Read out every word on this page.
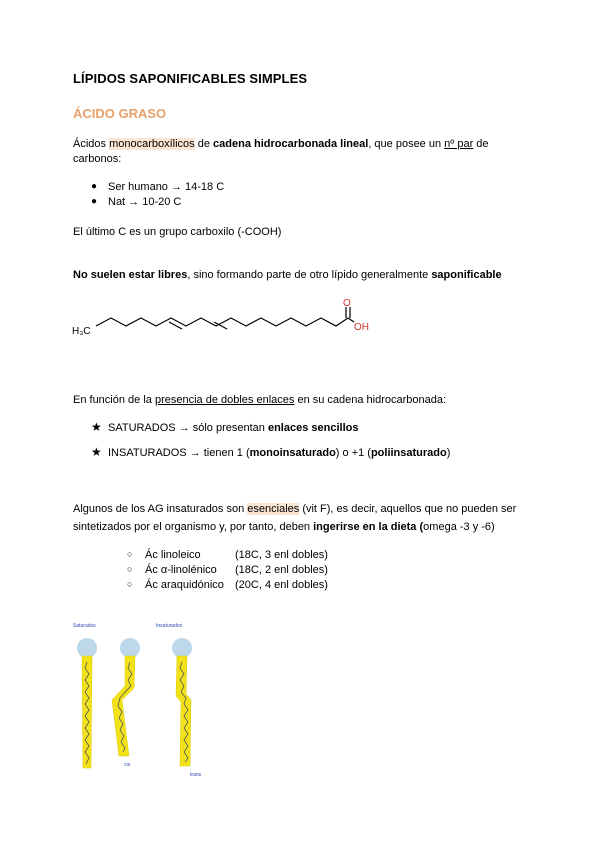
LÍPIDOS SAPONIFICABLES SIMPLES
ÁCIDO GRASO
Ácidos monocarboxílicos de cadena hidrocarbonada lineal, que posee un nº par de
carbonos:
● Ser humano → 14-18 C
● Nat → 10-20 C
El último C es un grupo carboxilo (-COOH)
No suelen estar libres, sino formando parte de otro lípido generalmente saponificable
H₃C
O
OH
En función de la presencia de dobles enlaces en su cadena hidrocarbonada:
★ SATURADOS → sólo presentan enlaces sencillos
★ INSATURADOS → tienen 1 (monoinsaturado) o +1 (poliinsaturado)
Algunos de los AG insaturados son esenciales (vit F), es decir, aquellos que no pueden ser
sintetizados por el organismo y, por tanto, deben ingerirse en la dieta (omega -3 y -6)
○ Ác linoleico	(18C, 3 enl dobles)
○ Ác α-linolénico (18C, 2 enl dobles)
○ Ác araquidónico (20C, 4 enl dobles)
Saturados	Insaturados
cis
trans
